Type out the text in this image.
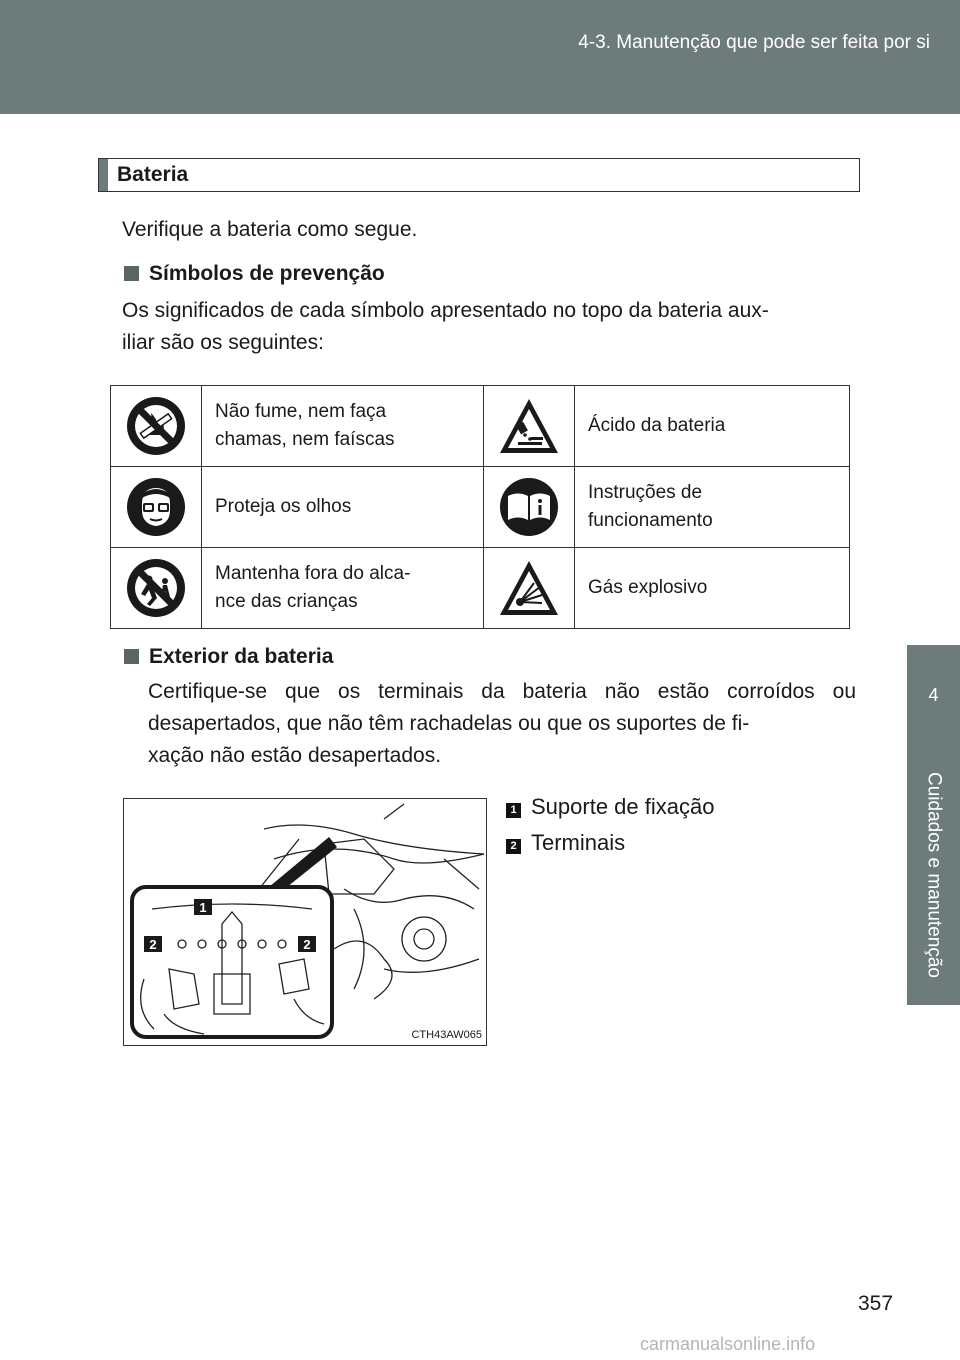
4-3. Manutenção que pode ser feita por si
4
Cuidados e manutenção
Bateria
Verifique a bateria como segue.
Símbolos de prevenção
Os significados de cada símbolo apresentado no topo da bateria aux-
iliar são os seguintes:
	Não fume, nem faça
chamas, nem faíscas		Ácido da bateria

	Proteja os olhos		Instruções de
funcionamento

	Mantenha fora do alca-
nce das crianças		Gás explosivo
Exterior da bateria
Certifique-se que os terminais da bateria não estão corroídos ou
desapertados, que não têm rachadelas ou que os suportes de fi-
xação não estão desapertados.
1
2	2
CTH43AW065
1 Suporte de fixação
2 Terminais
357
carmanualsonline.info
